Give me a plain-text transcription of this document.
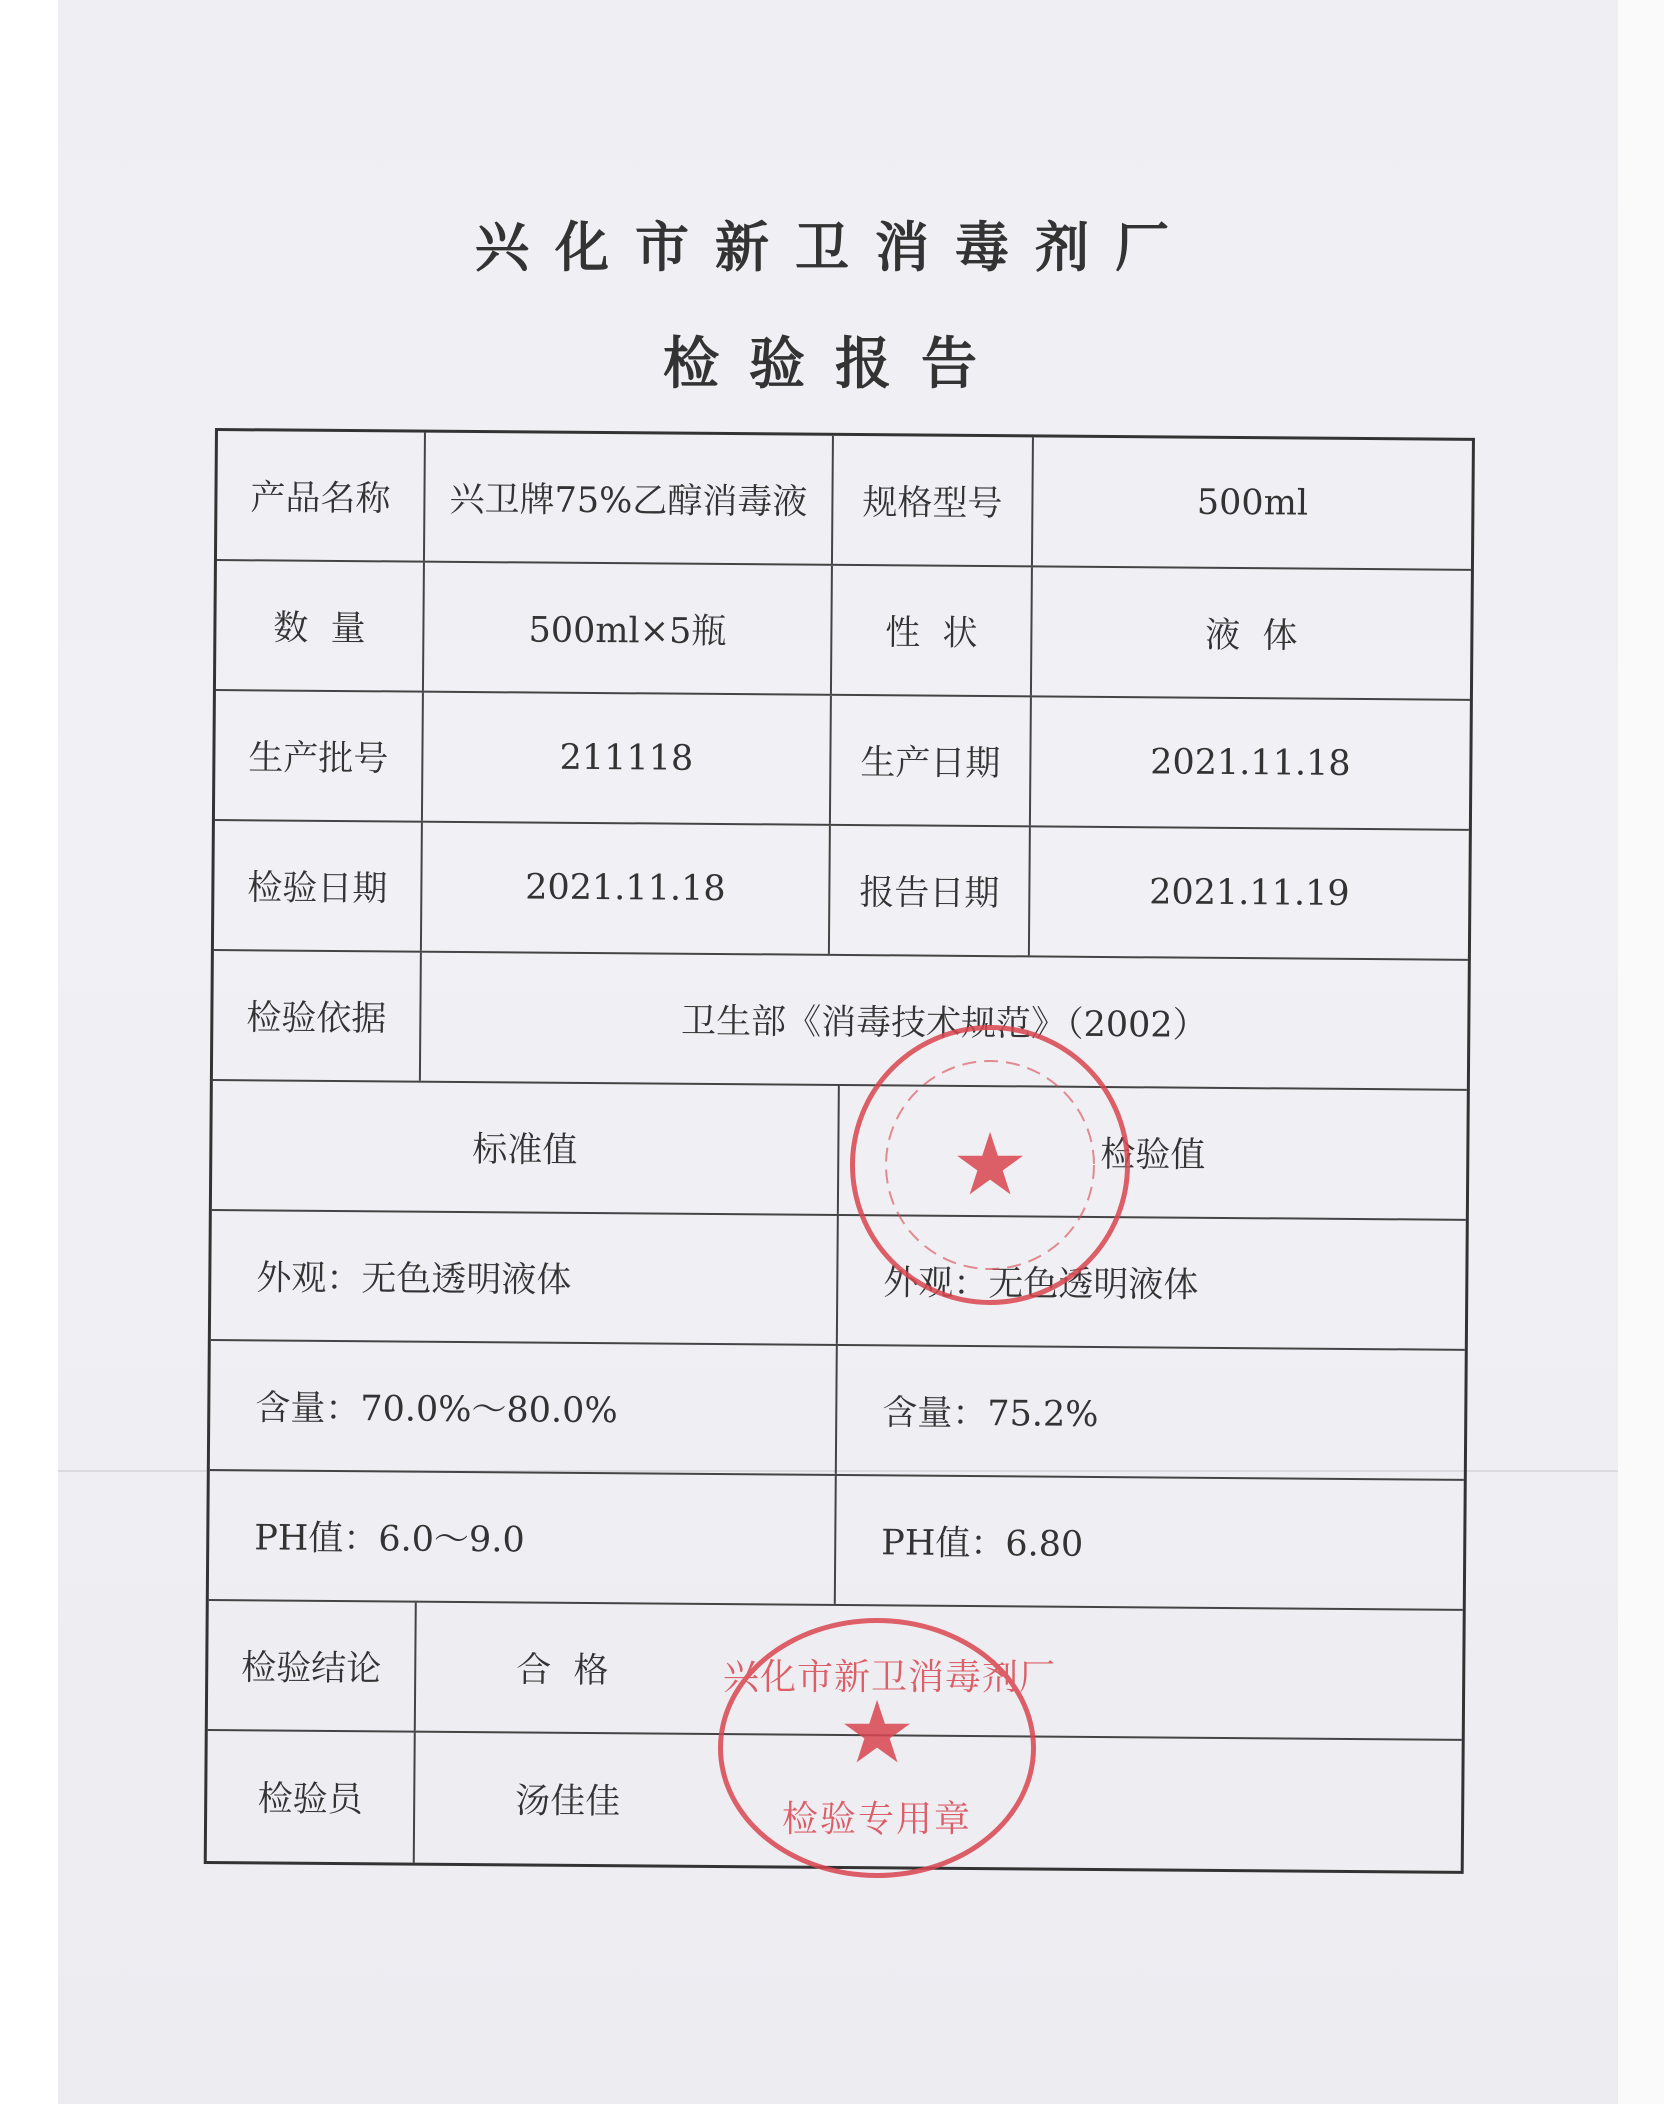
兴化市新卫消毒剂厂
检验报告
产品名称	兴卫牌75%乙醇消毒液	规格型号	500ml
数  量	500ml×5瓶	性  状	液  体
生产批号	211118	生产日期	2021.11.18
检验日期	2021.11.18	报告日期	2021.11.19
检验依据	卫生部《消毒技术规范》（2002）
标准值	检验值
外观：无色透明液体	外观：无色透明液体
含量：70.0%～80.0%	含量：75.2%
PH值：6.0～9.0	PH值：6.80
检验结论	合  格
检验员	汤佳佳
★
兴化市新卫消毒剂厂
★
检验专用章
